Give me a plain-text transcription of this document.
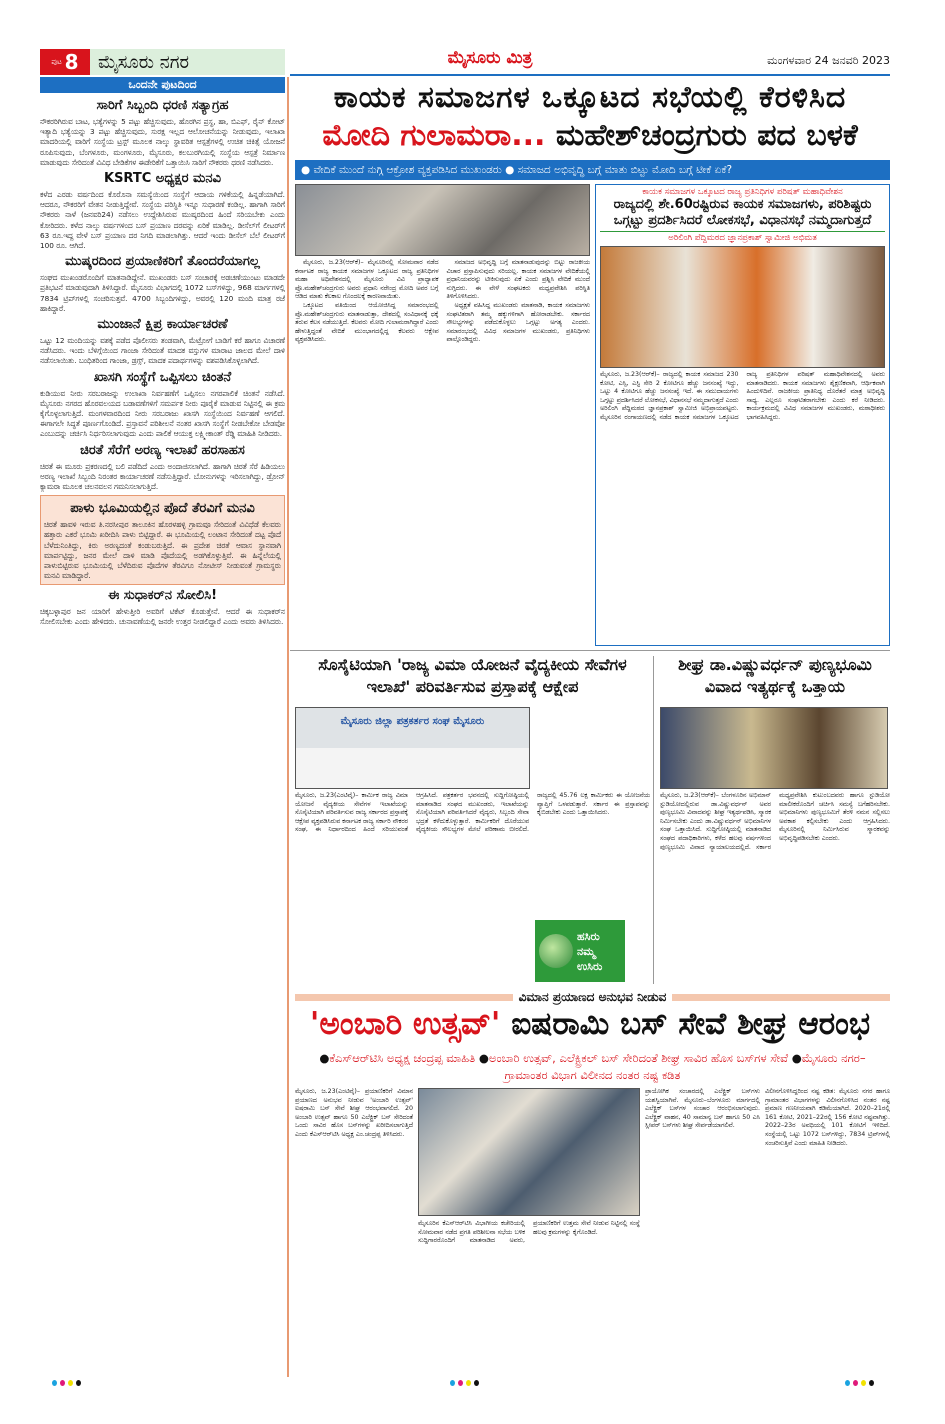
ಪುಟ 8 ಮೈಸೂರು ನಗರ
ಒಂದನೇ ಪುಟದಿಂದ
ಸಾರಿಗೆ ಸಿಬ್ಬಂದಿ ಧರಣಿ ಸತ್ಯಾಗ್ರಹ
ನೌಕರರಿಗಿರುವ ಬಾಟ, ಭತ್ಯೆಗಳನ್ನು 5 ಪಟ್ಟು ಹೆಚ್ಚಿಸುವುದು, ಹೊರಗಿನ ಪ್ರಸ್ಥ, ಹಾ, ಬಿಎಫ್, ರೈನ್ ಕೋಟ್ ಇತ್ಯಾದಿ ಭತ್ಯೆಯನ್ನು 3 ಪಟ್ಟು ಹೆಚ್ಚಿಸುವುದು, ಸುರಕ್ಷ ಇಲ್ಲದ ಆಲೋಚನೆಯನ್ನು ನೀಡುವುದು, ಇಲಾಖಾ ಮಾದರಿಯಲ್ಲಿ ವಾರಿಗೆ ಸಂಸ್ಥೆಯ ಟ್ರಸ್ಟ್ ಮೂಲಕ ನಾಲ್ಕು ಸ್ಥಾವರಿತ ಆಸ್ಪತ್ರೆಗಳಲ್ಲಿ ಉಚಿತ ಚಿಕಿತ್ಸೆ ಯೋಜನೆ ರೂಪಿಸುವುದು, ಬೆಂಗಳೂರು, ಮಂಗಳೂರು, ಮೈಸೂರು, ಕಲಬುರಗಿಯಲ್ಲಿ ಸಂಸ್ಥೆಯ ಆಸ್ಪತ್ರೆ ನಿರ್ಮಾಣ ಮಾಡುವುದು ಸೇರಿದಂತೆ ವಿವಿಧ ಬೇಡಿಕೆಗಳ ಈಡೇರಿಕೆಗೆ ಒತ್ತಾಯಿಸಿ ಸಾರಿಗೆ ನೌಕರರು ಧರಣಿ ನಡೆಸಿದರು.
KSRTC ಅಧ್ಯಕ್ಷರ ಮನವಿ
ಕಳೆದ ಎರಡು ವರ್ಷದಿಂದ ಕೊರೊನಾ ಸಮಸ್ಯೆಯಿಂದ ಸಂಸ್ಥೆಗೆ ಆದಾಯ ಗಳಿಕೆಯಲ್ಲಿ ಹಿನ್ನಡೆಯಾಗಿದೆ. ಆದರೂ, ನೌಕರರಿಗೆ ವೇತನ ನೀಡುತ್ತಿದ್ದೇವೆ. ಸಂಸ್ಥೆಯ ಪರಿಸ್ಥಿತಿ ಇನ್ನೂ ಸುಧಾರಣೆ ಕಂಡಿಲ್ಲ. ಹಾಗಾಗಿ ಸಾರಿಗೆ ನೌಕರರು ನಾಳೆ (ಜನವರಿ24) ನಡೆಸಲು ಉದ್ದೇಶಿಸಿರುವ ಮುಷ್ಕರದಿಂದ ಹಿಂದೆ ಸರಿಯಬೇಕು ಎಂದು ಕೋರಿದರು. ಕಳೆದ ನಾಲ್ಕು ವರ್ಷಗಳಿಂದ ಬಸ್ ಪ್ರಯಾಣ ದರವನ್ನು ಏರಿಕೆ ಮಾಡಿಲ್ಲ. ಡೀಸೆಲ್‌ಗೆ ಲೀಟರ್‌ಗೆ 63 ರೂ.ಇದ್ದ ವೇಳೆ ಬಸ್ ಪ್ರಯಾಣ ದರ ನಿಗದಿ ಮಾಡಲಾಗಿತ್ತು. ಆದರೆ ಇಂದು ಡೀಸೆಲ್ ಬೆಲೆ ಲೀಟರ್‌ಗೆ 100 ರೂ. ಆಗಿದೆ.
ಮುಷ್ಕರದಿಂದ ಪ್ರಯಾಣಿಕರಿಗೆ ತೊಂದರೆಯಾಗಲ್ಲ
ಸಂಘದ ಮುಖಂಡರೊಂದಿಗೆ ಮಾತನಾಡಿದ್ದೇನೆ. ಮುಖಂಡರು ಬಸ್ ಸಂಚಾರಕ್ಕೆ ಅಡಚಣೆಯುಂಟು ಮಾಡದೇ ಪ್ರತಿಭಟನೆ ಮಾಡುವುದಾಗಿ ತಿಳಿಸಿದ್ದಾರೆ. ಮೈಸೂರು ವಿಭಾಗದಲ್ಲಿ 1072 ಬಸ್‌ಗಳಿದ್ದು, 968 ಮಾರ್ಗಗಳಲ್ಲಿ 7834 ಟ್ರಿಪ್‌ಗಳಲ್ಲಿ ಸಂಚರಿಸುತ್ತವೆ. 4700 ಸಿಬ್ಬಂದಿಗಳಿದ್ದು, ಅವರಲ್ಲಿ 120 ಮಂದಿ ಮಾತ್ರ ರಜೆ ಹಾಕಿದ್ದಾರೆ.
ಮುಂಜಾನೆ ಕ್ಷಿಪ್ರ ಕಾರ್ಯಾಚರಣೆ
ಒಟ್ಟು 12 ಮಂದಿಯನ್ನು ವಶಕ್ಕೆ ಪಡೆದ ಪೊಲೀಸರು ತಂಡವಾಗಿ, ಮೆಟ್ರೋಗೆ ಬಾಡಿಗೆ ಕರೆ ಹಾಗೂ ವಿಚಾರಣೆ ನಡೆಸಿದರು. ಇಂದು ಬೆಳಿಗ್ಗೆಯಿಂದ ಗಾಂಜಾ ಸೇರಿದಂತೆ ಮಾದಕ ವಸ್ತುಗಳ ಮಾರಾಟ ಜಾಲದ ಮೇಲೆ ದಾಳಿ ನಡೆಸಲಾಯಿತು. ಬಂಧಿತರಿಂದ ಗಾಂಜಾ, ಡ್ರಗ್ಸ್, ಮಾದಕ ಪದಾರ್ಥಗಳನ್ನು ವಶಪಡಿಸಿಕೊಳ್ಳಲಾಗಿದೆ.
ಖಾಸಗಿ ಸಂಸ್ಥೆಗೆ ಒಪ್ಪಿಸಲು ಚಿಂತನೆ
ಕುಡಿಯುವ ನೀರು ಸರಬರಾಜನ್ನು ಉಲಾಖಾ ನಿರ್ವಹಣೆಗೆ ಒಪ್ಪಿಸಲು ನಗರಪಾಲಿಕೆ ಚಿಂತನೆ ನಡೆಸಿದೆ. ಮೈಸೂರು ನಗರದ ಹೊರವಲಯದ ಬಡಾವಣೆಗಳಿಗೆ ಸಮರ್ಪಕ ನೀರು ಪೂರೈಕೆ ಮಾಡುವ ನಿಟ್ಟಿನಲ್ಲಿ ಈ ಕ್ರಮ ಕೈಗೊಳ್ಳಲಾಗುತ್ತಿದೆ. ಮಂಗಳವಾರದಿಂದ ನೀರು ಸರಬರಾಜು ಖಾಸಗಿ ಸಂಸ್ಥೆಯಿಂದ ನಿರ್ವಹಣೆ ಆಗಲಿದೆ. ಈಗಾಗಲೇ ಸಿದ್ಧತೆ ಪೂರ್ಣಗೊಂಡಿದೆ. ಪ್ರಸ್ತಾವನೆ ಪರಿಶೀಲನೆ ನಂತರ ಖಾಸಗಿ ಸಂಸ್ಥೆಗೆ ನೀಡಬೇಕೋ ಬೇಡವೋ ಎಂಬುದನ್ನು ಚರ್ಚಿಸಿ ನಿರ್ಧರಿಸಲಾಗುವುದು ಎಂದು ಪಾಲಿಕೆ ಆಯುಕ್ತ ಲಕ್ಷ್ಮೀಕಾಂತ್ ರೆಡ್ಡಿ ಮಾಹಿತಿ ನೀಡಿದರು.
ಚಿರತೆ ಸೆರೆಗೆ ಅರಣ್ಯ ಇಲಾಖೆ ಹರಸಾಹಸ
ಚಿರತೆ ಈ ಮೂರು ಪ್ರಕರಣದಲ್ಲಿ ಬಲಿ ಪಡೆದಿದೆ ಎಂದು ಅಂದಾಜಿಸಲಾಗಿದೆ. ಹಾಗಾಗಿ ಚಿರತೆ ಸೆರೆ ಹಿಡಿಯಲು ಅರಣ್ಯ ಇಲಾಖೆ ಸಿಬ್ಬಂದಿ ನಿರಂತರ ಕಾರ್ಯಾಚರಣೆ ನಡೆಸುತ್ತಿದ್ದಾರೆ. ಬೋನುಗಳನ್ನು ಇರಿಸಲಾಗಿದ್ದು, ಡ್ರೋನ್ ಕ್ಯಾಮರಾ ಮೂಲಕ ಚಲನವಲನ ಗಮನಿಸಲಾಗುತ್ತಿದೆ.
ಪಾಳು ಭೂಮಿಯಲ್ಲಿನ ಪೊದೆ ತೆರವಿಗೆ ಮನವಿ
ಚಿರತೆ ಹಾವಳಿ ಇರುವ ತಿ.ನರಸೀಪುರ ತಾಲೂಕಿನ ಹೊರಳಹಳ್ಳಿ ಗ್ರಾಮವೂ ಸೇರಿದಂತೆ ವಿವಿಧೆಡೆ ಕೆಲವರು ಹತ್ತಾರು ಎಕರೆ ಭೂಮಿ ಖರೀದಿಸಿ ಪಾಳು ಬಿಟ್ಟಿದ್ದಾರೆ. ಈ ಭೂಮಿಯಲ್ಲಿ ಲಂಟಾನ ಸೇರಿದಂತೆ ದಟ್ಟ ಪೊದೆ ಬೆಳೆದುನಿಂತಿದ್ದು, ಕಿರು ಅರಣ್ಯದಂತೆ ಕಂಡುಬರುತ್ತಿದೆ. ಈ ಪ್ರದೇಶ ಚಿರತೆ ಆವಾಸ ಸ್ಥಾನವಾಗಿ ಮಾರ್ಪಟ್ಟಿದ್ದು, ಜನರ ಮೇಲೆ ದಾಳಿ ಮಾಡಿ ಪೊದೆಯಲ್ಲಿ ಅಡಗಿಕೊಳ್ಳುತ್ತಿವೆ. ಈ ಹಿನ್ನೆಲೆಯಲ್ಲಿ ಪಾಳುಬಿಟ್ಟಿರುವ ಭೂಮಿಯಲ್ಲಿ ಬೆಳೆದಿರುವ ಪೊದೆಗಳ ತೆರವಿಗೂ ನೋಟೀಸ್ ನೀಡುವಂತೆ ಗ್ರಾಮಸ್ಥರು ಮನವಿ ಮಾಡಿದ್ದಾರೆ.
ಈ ಸುಧಾಕರ್‌ನ ಸೋಲಿಸಿ!
ಚಿಕ್ಕಬಳ್ಳಾಪುರ ಜನ ಯಾರಿಗೆ ಹೇಳುತ್ತೀರಿ ಅವರಿಗೆ ಟಿಕೆಟ್ ಕೊಡುತ್ತೇನೆ. ಆದರೆ ಈ ಸುಧಾಕರ್‌ನ ಸೋಲಿಸಬೇಕು ಎಂದು ಹೇಳಿದರು. ಚುನಾವಣೆಯಲ್ಲಿ ಜನರೇ ಉತ್ತರ ನೀಡಲಿದ್ದಾರೆ ಎಂದು ಅವರು ತಿಳಿಸಿದರು.
ಮೈಸೂರು ಮಿತ್ರ	ಮಂಗಳವಾರ 24 ಜನವರಿ 2023
ಕಾಯಕ ಸಮಾಜಗಳ ಒಕ್ಕೂಟದ ಸಭೆಯಲ್ಲಿ ಕೆರಳಿಸಿದ
ಮೋದಿ ಗುಲಾಮರಾ... ಮಹೇಶ್‌ಚಂದ್ರಗುರು ಪದ ಬಳಕೆ
● ವೇದಿಕೆ ಮುಂದೆ ನುಗ್ಗಿ ಆಕ್ರೋಶ ವ್ಯಕ್ತಪಡಿಸಿದ ಮುಖಂಡರು ● ಸಮಾಜದ ಅಭಿವೃದ್ಧಿ ಬಗ್ಗೆ ಮಾತು ಬಿಟ್ಟು ಮೋದಿ ಬಗ್ಗೆ ಟೀಕೆ ಏಕೆ?

ಮೈಸೂರು, ಜ.23(ಆರ್‌ಕೆ)– ಮೈಸೂರಿನಲ್ಲಿ ಸೋಮವಾರ ನಡೆದ ಕರ್ನಾಟಕ ರಾಜ್ಯ ಕಾಯಕ ಸಮಾಜಗಳ ಒಕ್ಕೂಟದ ರಾಜ್ಯ ಪ್ರತಿನಿಧಿಗಳ ಮಹಾ ಅಧಿವೇಶನದಲ್ಲಿ ಮೈಸೂರು ವಿವಿ ಪ್ರಾಧ್ಯಾಪಕ ಪ್ರೊ.ಮಹೇಶ್‌ಚಂದ್ರಗುರು ಅವರು ಪ್ರಧಾನಿ ನರೇಂದ್ರ ಮೋದಿ ಅವರ ಬಗ್ಗೆ ಆಡಿದ ಮಾತು ಕೆಲಕಾಲ ಗೊಂದಲಕ್ಕೆ ಕಾರಣವಾಯಿತು.

ಒಕ್ಕೂಟದ ವತಿಯಿಂದ ಆಯೋಜಿಸಿದ್ದ ಸಮಾರಂಭದಲ್ಲಿ ಪ್ರೊ.ಮಹೇಶ್‌ಚಂದ್ರಗುರು ಮಾತನಾಡುತ್ತಾ, ದೇಶದಲ್ಲಿ ಸಂವಿಧಾನಕ್ಕೆ ಧಕ್ಕೆ ತರುವ ಕೆಲಸ ನಡೆಯುತ್ತಿದೆ. ಕೆಲವರು ಮೋದಿ ಗುಲಾಮರಾಗಿದ್ದಾರೆ ಎಂದು ಹೇಳುತ್ತಿದ್ದಂತೆ ವೇದಿಕೆ ಮುಂಭಾಗದಲ್ಲಿದ್ದ ಕೆಲವರು ಆಕ್ಷೇಪ ವ್ಯಕ್ತಪಡಿಸಿದರು.

ಸಮಾಜದ ಅಭಿವೃದ್ಧಿ ಬಗ್ಗೆ ಮಾತನಾಡುವುದನ್ನು ಬಿಟ್ಟು ರಾಜಕೀಯ ವಿಚಾರ ಪ್ರಸ್ತಾಪಿಸುವುದು ಸರಿಯಲ್ಲ. ಕಾಯಕ ಸಮಾಜಗಳ ವೇದಿಕೆಯಲ್ಲಿ ಪ್ರಧಾನಿಯವರನ್ನು ಟೀಕಿಸುವುದು ಏಕೆ ಎಂದು ಪ್ರಶ್ನಿಸಿ ವೇದಿಕೆ ಮುಂದೆ ನುಗ್ಗಿದರು. ಈ ವೇಳೆ ಸಂಘಟಕರು ಮಧ್ಯಪ್ರವೇಶಿಸಿ ಪರಿಸ್ಥಿತಿ ತಿಳಿಗೊಳಿಸಿದರು.

ಅಧ್ಯಕ್ಷತೆ ವಹಿಸಿದ್ದ ಮುಖಂಡರು ಮಾತನಾಡಿ, ಕಾಯಕ ಸಮಾಜಗಳು ಸಂಘಟಿತರಾಗಿ ತಮ್ಮ ಹಕ್ಕುಗಳಿಗಾಗಿ ಹೋರಾಡಬೇಕು. ಸರ್ಕಾರದ ಸೌಲಭ್ಯಗಳನ್ನು ಪಡೆದುಕೊಳ್ಳಲು ಒಗ್ಗಟ್ಟು ಅಗತ್ಯ ಎಂದರು. ಸಮಾರಂಭದಲ್ಲಿ ವಿವಿಧ ಸಮಾಜಗಳ ಮುಖಂಡರು, ಪ್ರತಿನಿಧಿಗಳು ಪಾಲ್ಗೊಂಡಿದ್ದರು.

ಕಾಯಕ ಸಮಾಜಗಳ ಒಕ್ಕೂಟದ ರಾಜ್ಯ ಪ್ರತಿನಿಧಿಗಳ ಪರಿಷತ್ ಮಹಾಧಿವೇಶನ
ರಾಜ್ಯದಲ್ಲಿ ಶೇ.60ರಷ್ಟಿರುವ ಕಾಯಕ ಸಮಾಜಗಳು, ಪರಿಶಿಷ್ಟರು ಒಗ್ಗಟ್ಟು ಪ್ರದರ್ಶಿಸಿದರೆ ಲೋಕಸಭೆ, ವಿಧಾನಸಭೆ ನಮ್ಮದಾಗುತ್ತದೆ
ಅರಿಲಿಂಗಿ ಪೆದ್ದಿಮಠದ ಜ್ಞಾನಪ್ರಕಾಶ್ ಸ್ವಾಮೀಜಿ ಅಭಿಮತ
ಮೈಸೂರು, ಜ.23(ಆರ್‌ಕೆ)– ರಾಜ್ಯದಲ್ಲಿ ಕಾಯಕ ಸಮಾಜದ 230 ಕೋಟಿ, ಎಸ್ಸಿ, ಎಸ್ಟಿ ಸೇರಿ 2 ಕೋಟಿಗೂ ಹೆಚ್ಚು ಜನಸಂಖ್ಯೆ ಇದ್ದು, ಒಟ್ಟು 4 ಕೋಟಿಗೂ ಹೆಚ್ಚು ಜನಸಂಖ್ಯೆ ಇದೆ. ಈ ಸಮುದಾಯಗಳು ಒಗ್ಗಟ್ಟು ಪ್ರದರ್ಶಿಸಿದರೆ ಲೋಕಸಭೆ, ವಿಧಾನಸಭೆ ನಮ್ಮದಾಗುತ್ತದೆ ಎಂದು ಅರಿಲಿಂಗಿ ಪೆದ್ದಿಮಠದ ಜ್ಞಾನಪ್ರಕಾಶ್ ಸ್ವಾಮೀಜಿ ಅಭಿಪ್ರಾಯಪಟ್ಟರು. ಮೈಸೂರಿನ ರಂಗಾಯಣದಲ್ಲಿ ನಡೆದ ಕಾಯಕ ಸಮಾಜಗಳ ಒಕ್ಕೂಟದ ರಾಜ್ಯ ಪ್ರತಿನಿಧಿಗಳ ಪರಿಷತ್ ಮಹಾಧಿವೇಶನದಲ್ಲಿ ಅವರು ಮಾತನಾಡಿದರು. ಕಾಯಕ ಸಮಾಜಗಳು ಶೈಕ್ಷಣಿಕವಾಗಿ, ಆರ್ಥಿಕವಾಗಿ ಹಿಂದುಳಿದಿವೆ. ರಾಜಕೀಯ ಪ್ರಾತಿನಿಧ್ಯ ದೊರೆತರೆ ಮಾತ್ರ ಅಭಿವೃದ್ಧಿ ಸಾಧ್ಯ. ಎಲ್ಲರೂ ಸಂಘಟಿತರಾಗಬೇಕು ಎಂದು ಕರೆ ನೀಡಿದರು. ಕಾರ್ಯಕ್ರಮದಲ್ಲಿ ವಿವಿಧ ಸಮಾಜಗಳ ಮುಖಂಡರು, ಮಠಾಧೀಶರು ಭಾಗವಹಿಸಿದ್ದರು.
ಸೊಸೈಟಿಯಾಗಿ 'ರಾಜ್ಯ ವಿಮಾ ಯೋಜನೆ ವೈದ್ಯಕೀಯ ಸೇವೆಗಳ ಇಲಾಖೆ' ಪರಿವರ್ತಿಸುವ ಪ್ರಸ್ತಾಪಕ್ಕೆ ಆಕ್ಷೇಪ
ಮೈಸೂರು ಜಿಲ್ಲಾ ಪತ್ರಕರ್ತರ ಸಂಘ ಮೈಸೂರು
ಮೈಸೂರು, ಜ.23(ಎಂಟಿವೈ)– ಕಾರ್ಮಿಕ ರಾಜ್ಯ ವಿಮಾ ಯೋಜನೆ ವೈದ್ಯಕೀಯ ಸೇವೆಗಳ ಇಲಾಖೆಯನ್ನು ಸೊಸೈಟಿಯಾಗಿ ಪರಿವರ್ತಿಸುವ ರಾಜ್ಯ ಸರ್ಕಾರದ ಪ್ರಸ್ತಾಪಕ್ಕೆ ಆಕ್ಷೇಪ ವ್ಯಕ್ತಪಡಿಸಿರುವ ಕರ್ನಾಟಕ ರಾಜ್ಯ ಸರ್ಕಾರಿ ನೌಕರರ ಸಂಘ, ಈ ನಿರ್ಧಾರದಿಂದ ಹಿಂದೆ ಸರಿಯುವಂತೆ ಆಗ್ರಹಿಸಿದೆ. ಪತ್ರಕರ್ತರ ಭವನದಲ್ಲಿ ಸುದ್ದಿಗೋಷ್ಠಿಯಲ್ಲಿ ಮಾತನಾಡಿದ ಸಂಘದ ಮುಖಂಡರು, ಇಲಾಖೆಯನ್ನು ಸೊಸೈಟಿಯಾಗಿ ಪರಿವರ್ತಿಸಿದರೆ ವೈದ್ಯರು, ಸಿಬ್ಬಂದಿ ಸೇವಾ ಭದ್ರತೆ ಕಳೆದುಕೊಳ್ಳುತ್ತಾರೆ. ಕಾರ್ಮಿಕರಿಗೆ ದೊರೆಯುವ ವೈದ್ಯಕೀಯ ಸೌಲಭ್ಯಗಳ ಮೇಲೆ ಪರಿಣಾಮ ಬೀರಲಿದೆ. ರಾಜ್ಯದಲ್ಲಿ 45.76 ಲಕ್ಷ ಕಾರ್ಮಿಕರು ಈ ಯೋಜನೆಯ ವ್ಯಾಪ್ತಿಗೆ ಒಳಪಡುತ್ತಾರೆ. ಸರ್ಕಾರ ಈ ಪ್ರಸ್ತಾಪವನ್ನು ಕೈಬಿಡಬೇಕು ಎಂದು ಒತ್ತಾಯಿಸಿದರು.
ಹಸಿರು
ನಮ್ಮ
ಉಸಿರು
ಶೀಘ್ರ ಡಾ.ವಿಷ್ಣುವರ್ಧನ್ ಪುಣ್ಯಭೂಮಿ ವಿವಾದ ಇತ್ಯರ್ಥಕ್ಕೆ ಒತ್ತಾಯ
ಮೈಸೂರು, ಜ.23(ಆರ್‌ಕೆ)– ಬೆಂಗಳೂರಿನ ಅಭಿಮಾನ್ ಸ್ಟುಡಿಯೋದಲ್ಲಿರುವ ಡಾ.ವಿಷ್ಣುವರ್ಧನ್ ಅವರ ಪುಣ್ಯಭೂಮಿ ವಿವಾದವನ್ನು ಶೀಘ್ರ ಇತ್ಯರ್ಥಪಡಿಸಿ, ಸ್ಮಾರಕ ನಿರ್ಮಿಸಬೇಕು ಎಂದು ಡಾ.ವಿಷ್ಣುವರ್ಧನ್ ಅಭಿಮಾನಿಗಳ ಸಂಘ ಒತ್ತಾಯಿಸಿದೆ. ಸುದ್ದಿಗೋಷ್ಠಿಯಲ್ಲಿ ಮಾತನಾಡಿದ ಸಂಘದ ಪದಾಧಿಕಾರಿಗಳು, ಕಳೆದ ಹಲವು ವರ್ಷಗಳಿಂದ ಪುಣ್ಯಭೂಮಿ ವಿವಾದ ನ್ಯಾಯಾಲಯದಲ್ಲಿದೆ. ಸರ್ಕಾರ ಮಧ್ಯಪ್ರವೇಶಿಸಿ ಕುಟುಂಬದವರು ಹಾಗೂ ಸ್ಟುಡಿಯೋ ಮಾಲೀಕರೊಂದಿಗೆ ಚರ್ಚಿಸಿ ಸಮಸ್ಯೆ ಬಗೆಹರಿಸಬೇಕು. ಅಭಿಮಾನಿಗಳು ಪುಣ್ಯಭೂಮಿಗೆ ತೆರಳಿ ನಮನ ಸಲ್ಲಿಸಲು ಅವಕಾಶ ಕಲ್ಪಿಸಬೇಕು ಎಂದು ಆಗ್ರಹಿಸಿದರು. ಮೈಸೂರಿನಲ್ಲಿ ನಿರ್ಮಿಸಿರುವ ಸ್ಮಾರಕವನ್ನು ಅಭಿವೃದ್ಧಿಪಡಿಸಬೇಕು ಎಂದರು.
ವಿಮಾನ ಪ್ರಯಾಣದ ಅನುಭವ ನೀಡುವ
'ಅಂಬಾರಿ ಉತ್ಸವ್' ಐಷರಾಮಿ ಬಸ್ ಸೇವೆ ಶೀಘ್ರ ಆರಂಭ
●ಕೆಎಸ್‌ಆರ್‌ಟಿಸಿ ಅಧ್ಯಕ್ಷ ಚಂದ್ರಪ್ಪ ಮಾಹಿತಿ ●ಅಂಬಾರಿ ಉತ್ಸವ್, ಎಲೆಕ್ಟ್ರಿಕಲ್ ಬಸ್ ಸೇರಿದಂತೆ ಶೀಘ್ರ ಸಾವಿರ ಹೊಸ ಬಸ್‌ಗಳ ಸೇವೆ ●ಮೈಸೂರು ನಗರ–ಗ್ರಾಮಾಂತರ ವಿಭಾಗ ವಿಲೀನದ ನಂತರ ನಷ್ಟ ಕಡಿತ
ಮೈಸೂರು, ಜ.23(ಎಂಟಿವೈ)– ಪ್ರಯಾಣಿಕರಿಗೆ ವಿಮಾನ ಪ್ರಯಾಣದ ಅನುಭವ ನೀಡುವ 'ಅಂಬಾರಿ ಉತ್ಸವ್' ಐಷರಾಮಿ ಬಸ್ ಸೇವೆ ಶೀಘ್ರ ಆರಂಭವಾಗಲಿದೆ. 20 ಅಂಬಾರಿ ಉತ್ಸವ್ ಹಾಗೂ 50 ಎಲೆಕ್ಟ್ರಿಕ್ ಬಸ್ ಸೇರಿದಂತೆ ಒಂದು ಸಾವಿರ ಹೊಸ ಬಸ್‌ಗಳನ್ನು ಖರೀದಿಸಲಾಗುತ್ತಿದೆ ಎಂದು ಕೆಎಸ್‌ಆರ್‌ಟಿಸಿ ಅಧ್ಯಕ್ಷ ಎಂ.ಚಂದ್ರಪ್ಪ ತಿಳಿಸಿದರು.
ಮೈಸೂರಿನ ಕೆಎಸ್‌ಆರ್‌ಟಿಸಿ ವಿಭಾಗೀಯ ಕಚೇರಿಯಲ್ಲಿ ಸೋಮವಾರ ನಡೆದ ಪ್ರಗತಿ ಪರಿಶೀಲನಾ ಸಭೆಯ ಬಳಿಕ ಸುದ್ದಿಗಾರರೊಂದಿಗೆ ಮಾತನಾಡಿದ ಅವರು, ಪ್ರಯಾಣಿಕರಿಗೆ ಉತ್ತಮ ಸೇವೆ ನೀಡುವ ನಿಟ್ಟಿನಲ್ಲಿ ಸಂಸ್ಥೆ ಹಲವು ಕ್ರಮಗಳನ್ನು ಕೈಗೊಂಡಿದೆ.
ಪ್ರಾಯೋಗಿಕ ಸಂಚಾರದಲ್ಲಿ ಎಲೆಕ್ಟ್ರಿಕ್ ಬಸ್‌ಗಳು ಯಶಸ್ವಿಯಾಗಿವೆ. ಮೈಸೂರು–ಬೆಂಗಳೂರು ಮಾರ್ಗದಲ್ಲಿ ಎಲೆಕ್ಟ್ರಿಕ್ ಬಸ್‌ಗಳ ಸಂಚಾರ ಆರಂಭಿಸಲಾಗುವುದು. ಎಲೆಕ್ಟ್ರಿಕ್ ವಾಹನ, 40 ಸಾಮಾನ್ಯ ಬಸ್ ಹಾಗೂ 50 ಎಸಿ ಸ್ಲೀಪರ್ ಬಸ್‌ಗಳು ಶೀಘ್ರ ಸೇರ್ಪಡೆಯಾಗಲಿವೆ.
ವಿಲೀನಗೊಳಿಸಿದ್ದರಿಂದ ನಷ್ಟ ಕಡಿತ: ಮೈಸೂರು ನಗರ ಹಾಗೂ ಗ್ರಾಮಾಂತರ ವಿಭಾಗಗಳನ್ನು ವಿಲೀನಗೊಳಿಸಿದ ನಂತರ ನಷ್ಟ ಪ್ರಮಾಣ ಗಣನೀಯವಾಗಿ ಕಡಿಮೆಯಾಗಿದೆ. 2020–21ರಲ್ಲಿ 161 ಕೋಟಿ, 2021–22ರಲ್ಲಿ 156 ಕೋಟಿ ನಷ್ಟವಾಗಿತ್ತು. 2022–23ರ ಅವಧಿಯಲ್ಲಿ 101 ಕೋಟಿಗೆ ಇಳಿದಿದೆ. ಸಂಸ್ಥೆಯಲ್ಲಿ ಒಟ್ಟು 1072 ಬಸ್‌ಗಳಿದ್ದು, 7834 ಟ್ರಿಪ್‌ಗಳಲ್ಲಿ ಸಂಚರಿಸುತ್ತಿವೆ ಎಂದು ಮಾಹಿತಿ ನೀಡಿದರು.
